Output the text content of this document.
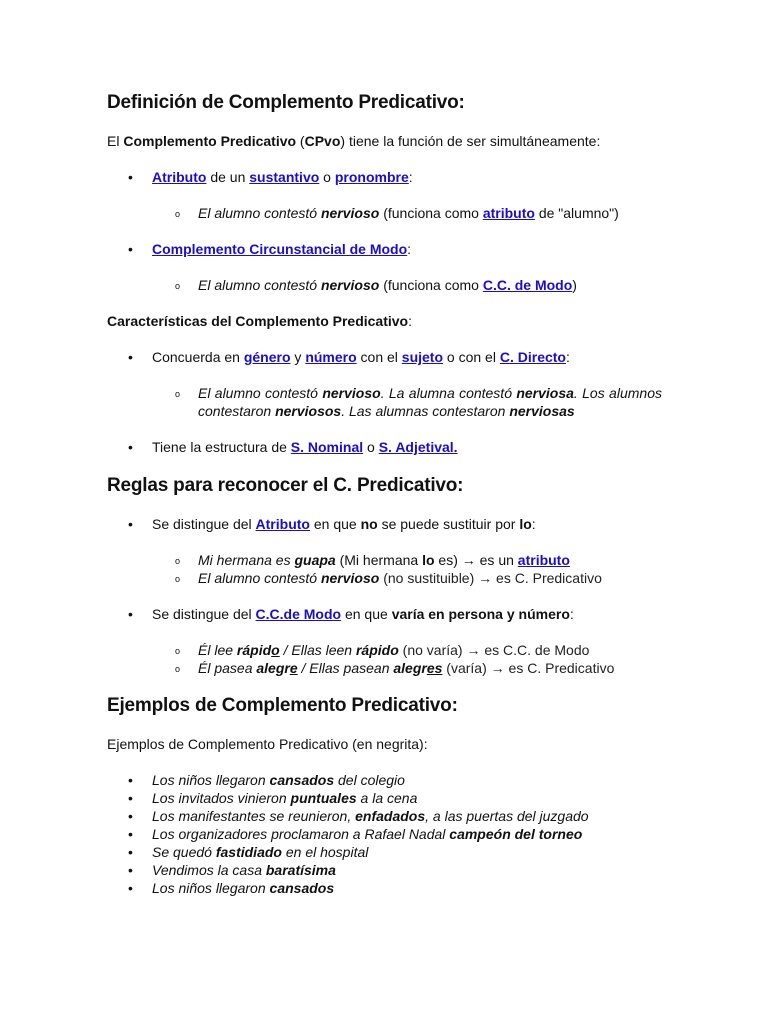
Definición de Complemento Predicativo:
El Complemento Predicativo (CPvo) tiene la función de ser simultáneamente:
• Atributo de un sustantivo o pronombre:
o El alumno contestó nervioso (funciona como atributo de "alumno")
• Complemento Circunstancial de Modo:
o El alumno contestó nervioso (funciona como C.C. de Modo)
Características del Complemento Predicativo:
• Concuerda en género y número con el sujeto o con el C. Directo:
o El alumno contestó nervioso. La alumna contestó nerviosa. Los alumnos contestaron nerviosos. Las alumnas contestaron nerviosas
• Tiene la estructura de S. Nominal o S. Adjetival.
Reglas para reconocer el C. Predicativo:
• Se distingue del Atributo en que no se puede sustituir por lo:
o Mi hermana es guapa (Mi hermana lo es) → es un atributo
o El alumno contestó nervioso (no sustituible) → es C. Predicativo
• Se distingue del C.C.de Modo en que varía en persona y número:
o Él lee rápido / Ellas leen rápido (no varía) → es C.C. de Modo
o Él pasea alegre / Ellas pasean alegres (varía) → es C. Predicativo
Ejemplos de Complemento Predicativo:
Ejemplos de Complemento Predicativo (en negrita):
• Los niños llegaron cansados del colegio
• Los invitados vinieron puntuales a la cena
• Los manifestantes se reunieron, enfadados, a las puertas del juzgado
• Los organizadores proclamaron a Rafael Nadal campeón del torneo
• Se quedó fastidiado en el hospital
• Vendimos la casa baratísima
• Los niños llegaron cansados
